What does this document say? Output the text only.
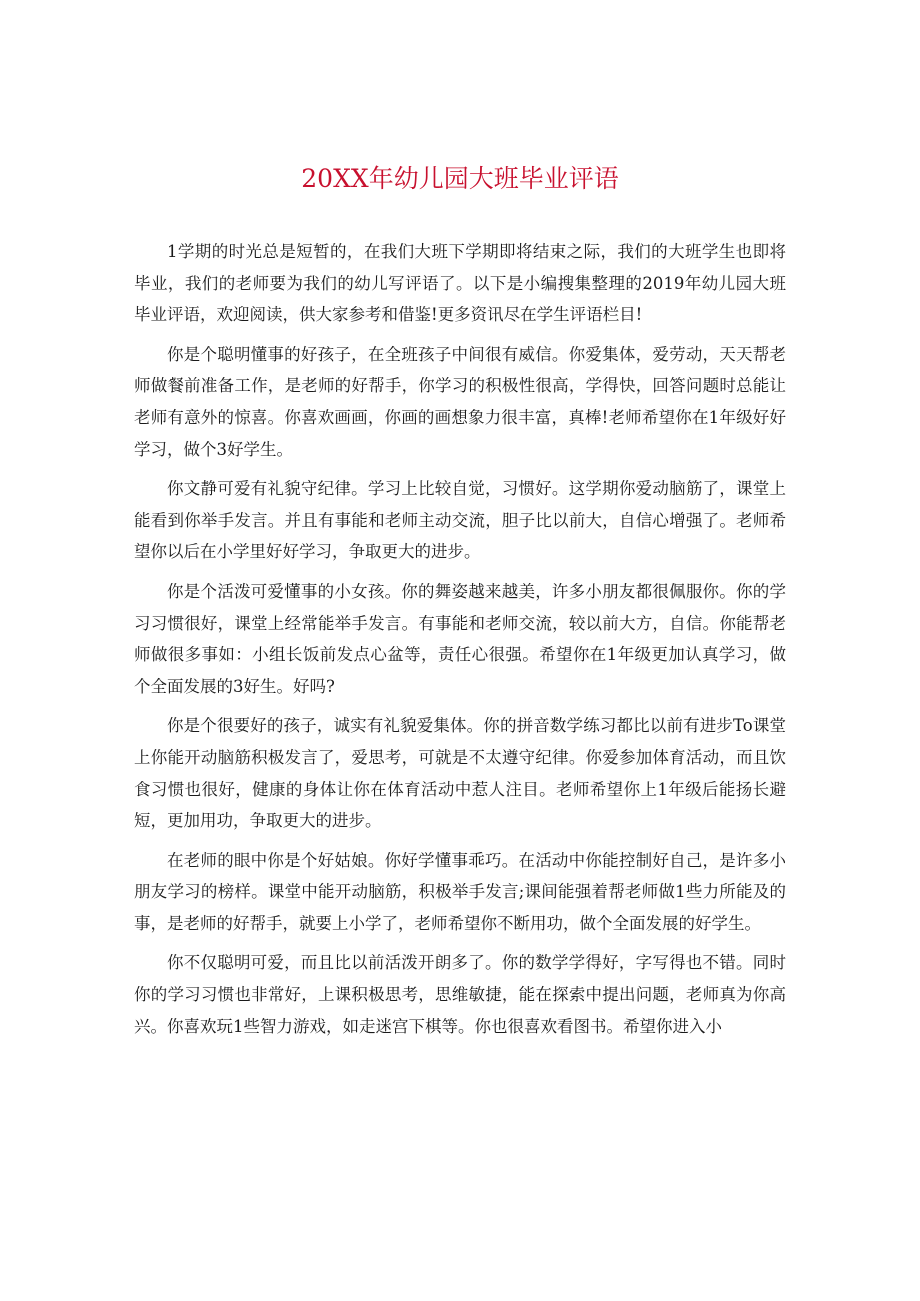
20XX年幼儿园大班毕业评语

1学期的时光总是短暂的，在我们大班下学期即将结束之际，我们的大班学生也即将毕业，我们的老师要为我们的幼儿写评语了。以下是小编搜集整理的2019年幼儿园大班毕业评语，欢迎阅读，供大家参考和借鉴!更多资讯尽在学生评语栏目!

你是个聪明懂事的好孩子，在全班孩子中间很有威信。你爱集体，爱劳动，天天帮老师做餐前准备工作，是老师的好帮手，你学习的积极性很高，学得快，回答问题时总能让老师有意外的惊喜。你喜欢画画，你画的画想象力很丰富，真棒!老师希望你在1年级好好学习，做个3好学生。

你文静可爱有礼貌守纪律。学习上比较自觉，习惯好。这学期你爱动脑筋了，课堂上能看到你举手发言。并且有事能和老师主动交流，胆子比以前大，自信心增强了。老师希望你以后在小学里好好学习，争取更大的进步。

你是个活泼可爱懂事的小女孩。你的舞姿越来越美，许多小朋友都很佩服你。你的学习习惯很好，课堂上经常能举手发言。有事能和老师交流，较以前大方，自信。你能帮老师做很多事如：小组长饭前发点心盆等，责任心很强。希望你在1年级更加认真学习，做个全面发展的3好生。好吗?

你是个很要好的孩子，诚实有礼貌爱集体。你的拼音数学练习都比以前有进步To课堂上你能开动脑筋积极发言了，爱思考，可就是不太遵守纪律。你爱参加体育活动，而且饮食习惯也很好，健康的身体让你在体育活动中惹人注目。老师希望你上1年级后能扬长避短，更加用功，争取更大的进步。

在老师的眼中你是个好姑娘。你好学懂事乖巧。在活动中你能控制好自己，是许多小朋友学习的榜样。课堂中能开动脑筋，积极举手发言;课间能强着帮老师做1些力所能及的事，是老师的好帮手，就要上小学了，老师希望你不断用功，做个全面发展的好学生。

你不仅聪明可爱，而且比以前活泼开朗多了。你的数学学得好，字写得也不错。同时你的学习习惯也非常好，上课积极思考，思维敏捷，能在探索中提出问题，老师真为你高兴。你喜欢玩1些智力游戏，如走迷宫下棋等。你也很喜欢看图书。希望你进入小
